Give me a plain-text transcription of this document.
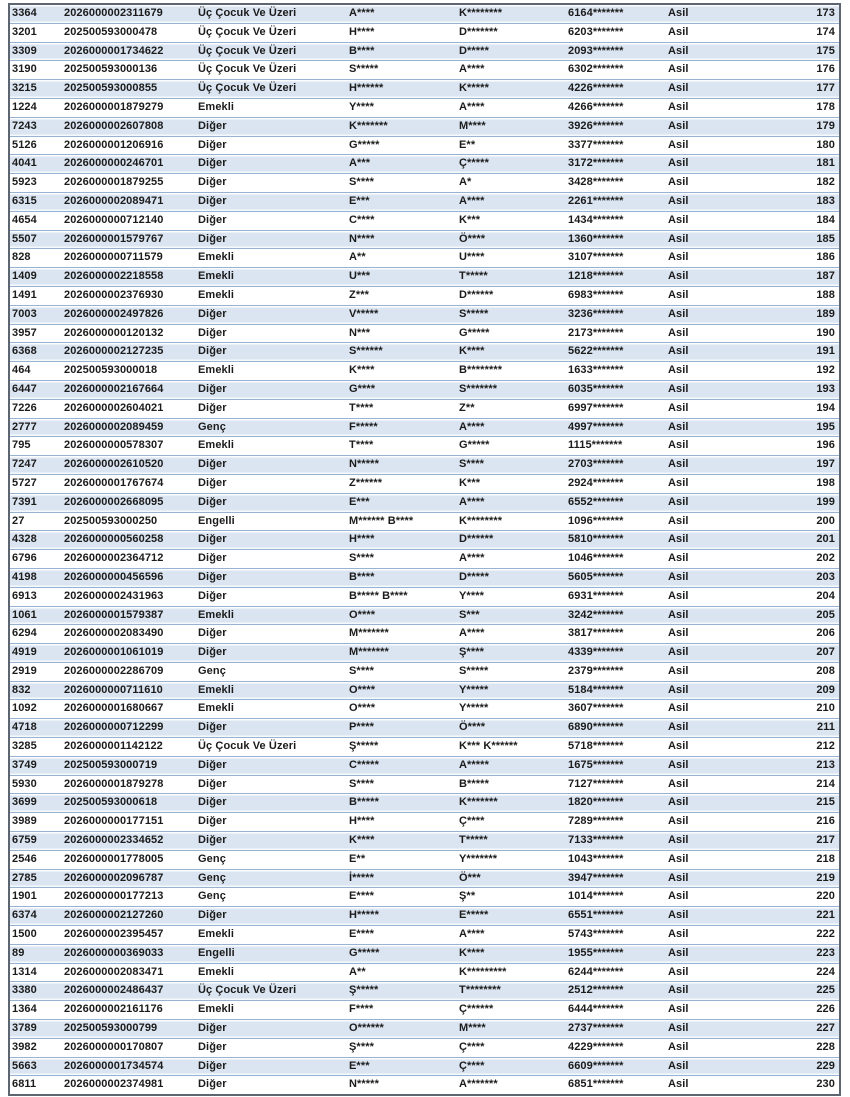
3364	2026000002311679	Üç Çocuk Ve Üzeri	A****	K********	6164*******	Asil	173
3201	202500593000478	Üç Çocuk Ve Üzeri	H****	D*******	6203*******	Asil	174
3309	2026000001734622	Üç Çocuk Ve Üzeri	B****	D*****	2093*******	Asil	175
3190	202500593000136	Üç Çocuk Ve Üzeri	S*****	A****	6302*******	Asil	176
3215	202500593000855	Üç Çocuk Ve Üzeri	H******	K*****	4226*******	Asil	177
1224	2026000001879279	Emekli	Y****	A****	4266*******	Asil	178
7243	2026000002607808	Diğer	K*******	M****	3926*******	Asil	179
5126	2026000001206916	Diğer	G*****	E**	3377*******	Asil	180
4041	2026000000246701	Diğer	A***	Ç*****	3172*******	Asil	181
5923	2026000001879255	Diğer	S****	A*	3428*******	Asil	182
6315	2026000002089471	Diğer	E***	A****	2261*******	Asil	183
4654	2026000000712140	Diğer	C****	K***	1434*******	Asil	184
5507	2026000001579767	Diğer	N****	Ö****	1360*******	Asil	185
828	2026000000711579	Emekli	A**	U****	3107*******	Asil	186
1409	2026000002218558	Emekli	U***	T*****	1218*******	Asil	187
1491	2026000002376930	Emekli	Z***	D******	6983*******	Asil	188
7003	2026000002497826	Diğer	V*****	S*****	3236*******	Asil	189
3957	2026000000120132	Diğer	N***	G*****	2173*******	Asil	190
6368	2026000002127235	Diğer	S******	K****	5622*******	Asil	191
464	202500593000018	Emekli	K****	B********	1633*******	Asil	192
6447	2026000002167664	Diğer	G****	S*******	6035*******	Asil	193
7226	2026000002604021	Diğer	T****	Z**	6997*******	Asil	194
2777	2026000002089459	Genç	F*****	A****	4997*******	Asil	195
795	2026000000578307	Emekli	T****	G*****	1115*******	Asil	196
7247	2026000002610520	Diğer	N*****	S****	2703*******	Asil	197
5727	2026000001767674	Diğer	Z******	K***	2924*******	Asil	198
7391	2026000002668095	Diğer	E***	A****	6552*******	Asil	199
27	202500593000250	Engelli	M****** B****	K********	1096*******	Asil	200
4328	2026000000560258	Diğer	H****	D******	5810*******	Asil	201
6796	2026000002364712	Diğer	S****	A****	1046*******	Asil	202
4198	2026000000456596	Diğer	B****	D*****	5605*******	Asil	203
6913	2026000002431963	Diğer	B***** B****	Y****	6931*******	Asil	204
1061	2026000001579387	Emekli	O****	S***	3242*******	Asil	205
6294	2026000002083490	Diğer	M*******	A****	3817*******	Asil	206
4919	2026000001061019	Diğer	M*******	Ş****	4339*******	Asil	207
2919	2026000002286709	Genç	S****	S*****	2379*******	Asil	208
832	2026000000711610	Emekli	O****	Y*****	5184*******	Asil	209
1092	2026000001680667	Emekli	O****	Y*****	3607*******	Asil	210
4718	2026000000712299	Diğer	P****	Ö****	6890*******	Asil	211
3285	2026000001142122	Üç Çocuk Ve Üzeri	Ş*****	K*** K******	5718*******	Asil	212
3749	202500593000719	Diğer	C*****	A*****	1675*******	Asil	213
5930	2026000001879278	Diğer	S****	B*****	7127*******	Asil	214
3699	202500593000618	Diğer	B*****	K*******	1820*******	Asil	215
3989	2026000000177151	Diğer	H****	Ç****	7289*******	Asil	216
6759	2026000002334652	Diğer	K****	T*****	7133*******	Asil	217
2546	2026000001778005	Genç	E**	Y*******	1043*******	Asil	218
2785	2026000002096787	Genç	İ*****	Ö***	3947*******	Asil	219
1901	2026000000177213	Genç	E****	Ş**	1014*******	Asil	220
6374	2026000002127260	Diğer	H*****	E*****	6551*******	Asil	221
1500	2026000002395457	Emekli	E****	A****	5743*******	Asil	222
89	2026000000369033	Engelli	G*****	K****	1955*******	Asil	223
1314	2026000002083471	Emekli	A**	K*********	6244*******	Asil	224
3380	2026000002486437	Üç Çocuk Ve Üzeri	Ş*****	T********	2512*******	Asil	225
1364	2026000002161176	Emekli	F****	Ç******	6444*******	Asil	226
3789	202500593000799	Diğer	O******	M****	2737*******	Asil	227
3982	2026000000170807	Diğer	Ş****	Ç****	4229*******	Asil	228
5663	2026000001734574	Diğer	E***	Ç****	6609*******	Asil	229
6811	2026000002374981	Diğer	N*****	A*******	6851*******	Asil	230
